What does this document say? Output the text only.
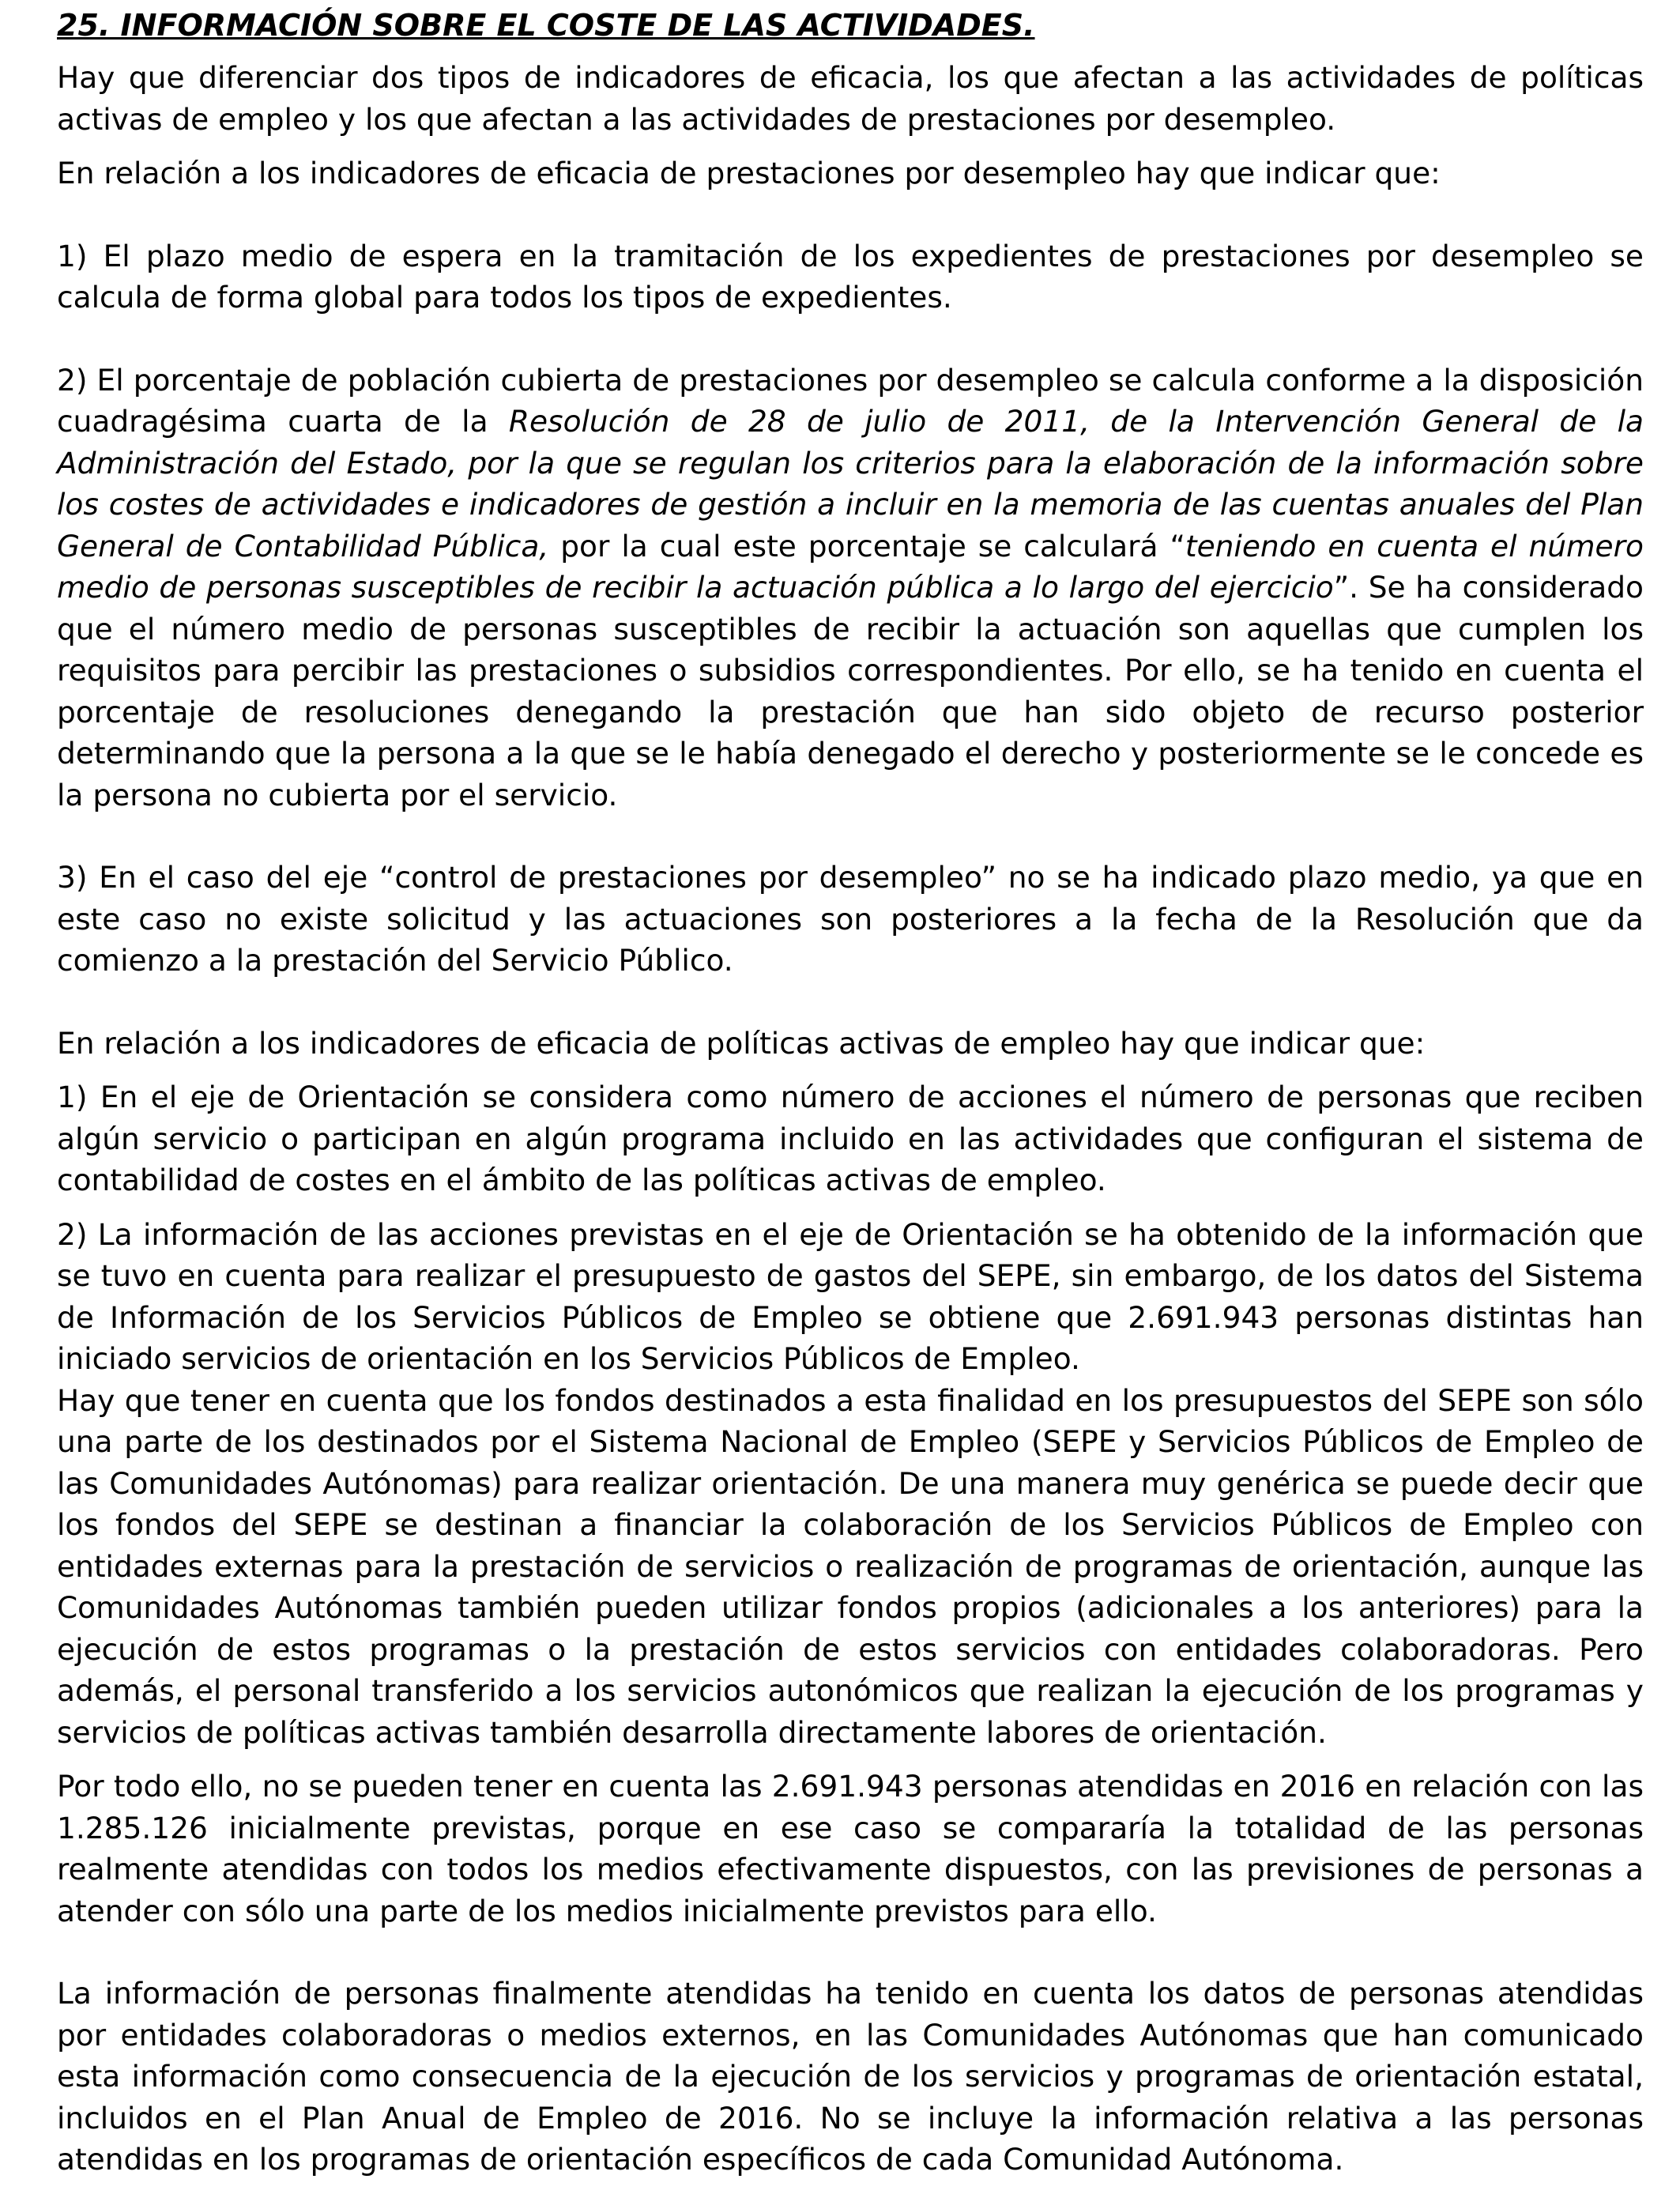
25. INFORMACIÓN SOBRE EL COSTE DE LAS ACTIVIDADES.

Hay que diferenciar dos tipos de indicadores de eficacia, los que afectan a las actividades de políticas activas de empleo y los que afectan a las actividades de prestaciones por desempleo.

En relación a los indicadores de eficacia de prestaciones por desempleo hay que indicar que:

1) El plazo medio de espera en la tramitación de los expedientes de prestaciones por desempleo se calcula de forma global para todos los tipos de expedientes.

2) El porcentaje de población cubierta de prestaciones por desempleo se calcula conforme a la disposición cuadragésima cuarta de la Resolución de 28 de julio de 2011, de la Intervención General de la Administración del Estado, por la que se regulan los criterios para la elaboración de la información sobre los costes de actividades e indicadores de gestión a incluir en la memoria de las cuentas anuales del Plan General de Contabilidad Pública, por la cual este porcentaje se calculará “teniendo en cuenta el número medio de personas susceptibles de recibir la actuación pública a lo largo del ejercicio”. Se ha considerado que el número medio de personas susceptibles de recibir la actuación son aquellas que cumplen los requisitos para percibir las prestaciones o subsidios correspondientes. Por ello, se ha tenido en cuenta el porcentaje de resoluciones denegando la prestación que han sido objeto de recurso posterior determinando que la persona a la que se le había denegado el derecho y posteriormente se le concede es la persona no cubierta por el servicio.

3) En el caso del eje “control de prestaciones por desempleo” no se ha indicado plazo medio, ya que en este caso no existe solicitud y las actuaciones son posteriores a la fecha de la Resolución que da comienzo a la prestación del Servicio Público.

En relación a los indicadores de eficacia de políticas activas de empleo hay que indicar que:

1) En el eje de Orientación se considera como número de acciones el número de personas que reciben algún servicio o participan en algún programa incluido en las actividades que configuran el sistema de contabilidad de costes en el ámbito de las políticas activas de empleo.

2) La información de las acciones previstas en el eje de Orientación se ha obtenido de la información que se tuvo en cuenta para realizar el presupuesto de gastos del SEPE, sin embargo, de los datos del Sistema de Información de los Servicios Públicos de Empleo se obtiene que 2.691.943 personas distintas han iniciado servicios de orientación en los Servicios Públicos de Empleo.

Hay que tener en cuenta que los fondos destinados a esta finalidad en los presupuestos del SEPE son sólo una parte de los destinados por el Sistema Nacional de Empleo (SEPE y Servicios Públicos de Empleo de las Comunidades Autónomas) para realizar orientación. De una manera muy genérica se puede decir que los fondos del SEPE se destinan a financiar la colaboración de los Servicios Públicos de Empleo con entidades externas para la prestación de servicios o realización de programas de orientación, aunque las Comunidades Autónomas también pueden utilizar fondos propios (adicionales a los anteriores) para la ejecución de estos programas o la prestación de estos servicios con entidades colaboradoras. Pero además, el personal transferido a los servicios autonómicos que realizan la ejecución de los programas y servicios de políticas activas también desarrolla directamente labores de orientación.

Por todo ello, no se pueden tener en cuenta las 2.691.943 personas atendidas en 2016 en relación con las 1.285.126 inicialmente previstas, porque en ese caso se compararía la totalidad de las personas realmente atendidas con todos los medios efectivamente dispuestos, con las previsiones de personas a atender con sólo una parte de los medios inicialmente previstos para ello.

La información de personas finalmente atendidas ha tenido en cuenta los datos de personas atendidas por entidades colaboradoras o medios externos, en las Comunidades Autónomas que han comunicado esta información como consecuencia de la ejecución de los servicios y programas de orientación estatal, incluidos en el Plan Anual de Empleo de 2016. No se incluye la información relativa a las personas atendidas en los programas de orientación específicos de cada Comunidad Autónoma.
